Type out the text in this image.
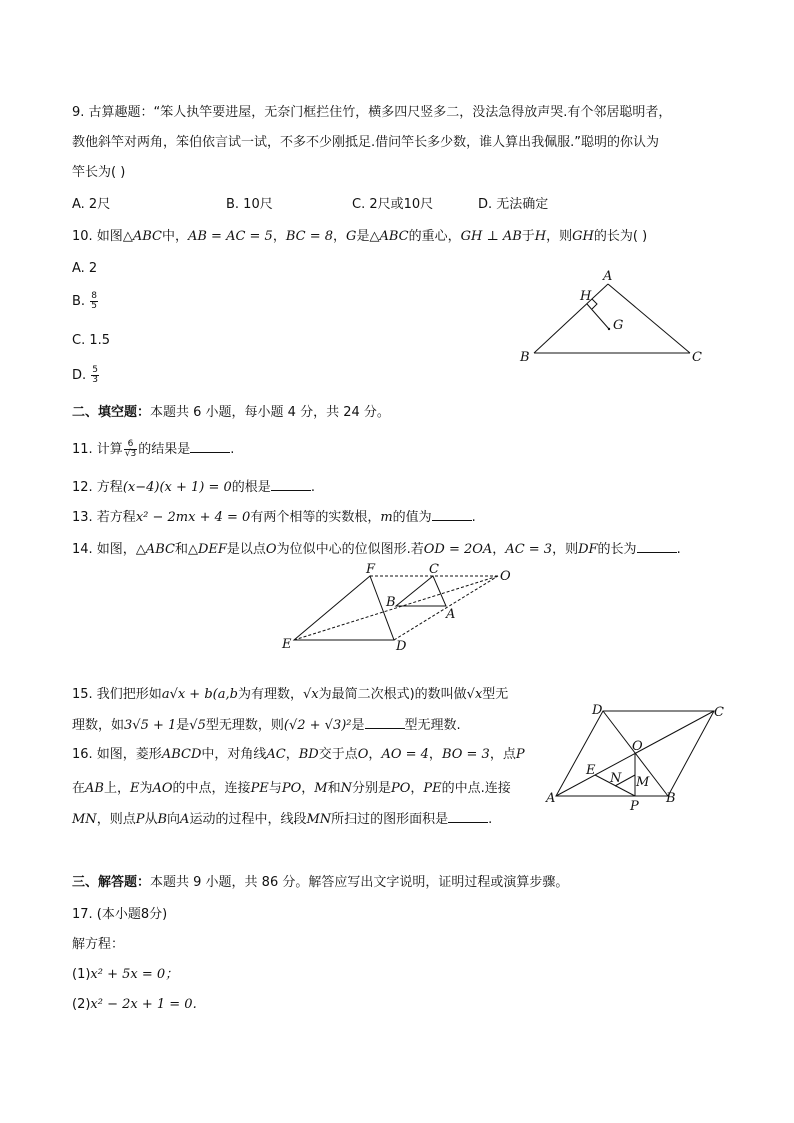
9. 古算趣题：“笨人执竿要进屋，无奈门框拦住竹，横多四尺竖多二，没法急得放声哭.有个邻居聪明者，
教他斜竿对两角，笨伯依言试一试，不多不少刚抵足.借问竿长多少数，谁人算出我佩服.”聪明的你认为
竿长为( )
A. 2尺	B. 10尺	C. 2尺或10尺	D. 无法确定
10. 如图△ABC中，AB = AC = 5，BC = 8，G是△ABC的重心，GH ⊥ AB于H，则GH的长为( )
A. 2
B. $\frac{8}{5}$
C. 1.5
D. $\frac{5}{3}$
A
H
G
B	C
二、填空题：本题共 6 小题，每小题 4 分，共 24 分。
11. 计算 $\frac{6}{√3}$ 的结果是	.
12. 方程(x−4)(x + 1) = 0的根是	.
13. 若方程x² − 2mx + 4 = 0有两个相等的实数根，m的值为	.
14. 如图，△ABC和△DEF是以点O为位似中心的位似图形.若OD = 2OA，AC = 3，则DF的长为	.
F	C	O
B
A
E	D
15. 我们把形如a√x + b(a,b为有理数，√x为最简二次根式)的数叫做√x型无
理数，如3√5 + 1是√5型无理数，则(√2 + √3)²是	型无理数.
16. 如图，菱形ABCD中，对角线AC，BD交于点O，AO = 4，BO = 3，点P
在AB上，E为AO的中点，连接PE与PO，M和N分别是PO，PE的中点.连接
MN，则点P从B向A运动的过程中，线段MN所扫过的图形面积是	.
D	C
O
E
N M
A	B
P
三、解答题：本题共 9 小题，共 86 分。解答应写出文字说明，证明过程或演算步骤。
17. (本小题8分)
解方程：
(1)x² + 5x = 0；
(2)x² − 2x + 1 = 0.
